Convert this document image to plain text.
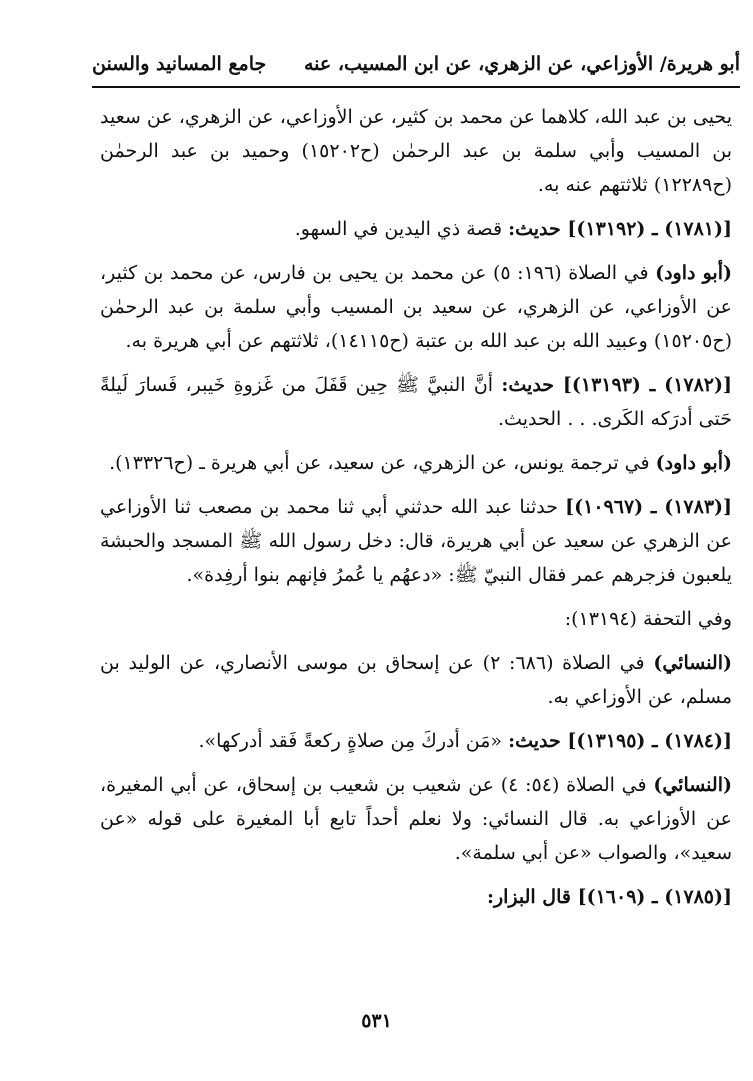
أبو هريرة/ الأوزاعي، عن الزهري، عن ابن المسيب، عنه
جامع المسانيد والسنن
يحيى بن عبد الله، كلاهما عن محمد بن كثير، عن الأوزاعي، عن الزهري، عن سعيد بن المسيب وأبي سلمة بن عبد الرحمٰن (ح١٥٢٠٢) وحميد بن عبد الرحمٰن (ح١٢٢٨٩) ثلاثتهم عنه به.
[(١٧٨١) ـ (١٣١٩٢)] حديث: قصة ذي اليدين في السهو.
(أبو داود) في الصلاة (١٩٦: ٥) عن محمد بن يحيى بن فارس، عن محمد بن كثير، عن الأوزاعي، عن الزهري، عن سعيد بن المسيب وأبي سلمة بن عبد الرحمٰن (ح١٥٢٠٥) وعبيد الله بن عبد الله بن عتبة (ح١٤١١٥)، ثلاثتهم عن أبي هريرة به.
[(١٧٨٢) ـ (١٣١٩٣)] حديث: أنَّ النبيَّ ﷺ حِين قَفَلَ من غَزوةِ خَيبر، فَسارَ لَيلةً حَتى أدرَكه الكَرى. . . الحديث.
(أبو داود) في ترجمة يونس، عن الزهري، عن سعيد، عن أبي هريرة ـ (ح١٣٣٢٦).
[(١٧٨٣) ـ (١٠٩٦٧)] حدثنا عبد الله حدثني أبي ثنا محمد بن مصعب ثنا الأوزاعي عن الزهري عن سعيد عن أبي هريرة، قال: دخل رسول الله ﷺ المسجد والحبشة يلعبون فزجرهم عمر فقال النبيّ ﷺ: «دعهُم يا عُمرُ فإنهم بنوا أرفِدة».
وفي التحفة (١٣١٩٤):
(النسائي) في الصلاة (٦٨٦: ٢) عن إسحاق بن موسى الأنصاري، عن الوليد بن مسلم، عن الأوزاعي به.
[(١٧٨٤) ـ (١٣١٩٥)] حديث: «مَن أدركَ مِن صلاةٍ ركعةً فَقد أدركها».
(النسائي) في الصلاة (٥٤: ٤) عن شعيب بن شعيب بن إسحاق، عن أبي المغيرة، عن الأوزاعي به. قال النسائي: ولا نعلم أحداً تابع أبا المغيرة على قوله «عن سعيد»، والصواب «عن أبي سلمة».
[(١٧٨٥) ـ (١٦٠٩)] قال البزار:
٥٣١
